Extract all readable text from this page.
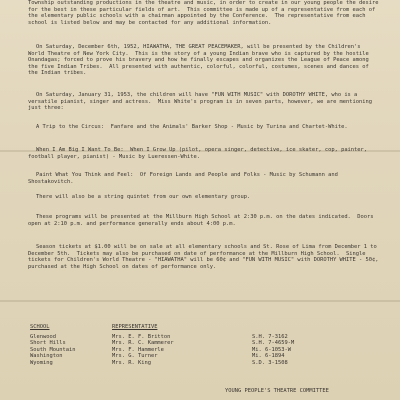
Township outstanding productions in the theatre and music, in order to create in our young people the desire for the best in these particular fields of art.  This committee is made up of a representative from each of the elementary public schools with a chairman appointed by the Conference.  The representative from each school is listed below and may be contacted for any additional information.

On Saturday, December 6th, 1952, HIAWATHA, THE GREAT PEACEMAKER, will be presented by the Children's World Theatre of New York City.  This is the story of a young Indian brave who is captured by the hostile Onandagas; forced to prove his bravery and how he finally escapes and organizes the League of Peace among the five Indian Tribes.  All presented with authentic, colorful, colorful, costumes, scenes and dances of the Indian tribes.

On Saturday, January 31, 1953, the children will have "FUN WITH MUSIC" with DOROTHY WHITE, who is a versatile pianist, singer and actress.  Miss White's program is in seven parts, however, we are mentioning just three:

A Trip to the Circus:  Fanfare and the Animals' Barker Shop - Music by Turina and Chartet-White.

When I Am Big I Want To Be:  When I Grow Up (pilot, opera singer, detective, ice skater, cop, painter, football player, pianist) - Music by Lueressen-White.

Paint What You Think and Feel:  Of Foreign Lands and People and Folks - Music by Schumann and Shostakovitch.

There will also be a string quintet from our own elementary group.

These programs will be presented at the Millburn High School at 2:30 p.m. on the dates indicated.  Doors open at 2:10 p.m. and performance generally ends about 4:00 p.m.

Season tickets at $1.00 will be on sale at all elementary schools and St. Rose of Lima from December 1 to December 5th.  Tickets may also be purchased on date of performance at the Millburn High School.  Single tickets for Children's World Theatre - "HIAWATHA" will be 60¢ and "FUN WITH MUSIC" with DOROTHY WHITE - 50¢, purchased at the High School on dates of performance only.

SCHOOL	REPRESENTATIVE
Glenwood	Mrs. E. F. Britton	S.H. 7-3162
Short Hills	Mrs. R. C. Kammerer	S.H. 7-4659-M
South Mountain	Mrs. F. Hammerle	Mi. 6-1053-W
Washington	Mrs. G. Turner	Mi. 6-1894
Wyoming	Mrs. R. King	S.D. 3-1508
YOUNG PEOPLE'S THEATRE COMMITTEE
